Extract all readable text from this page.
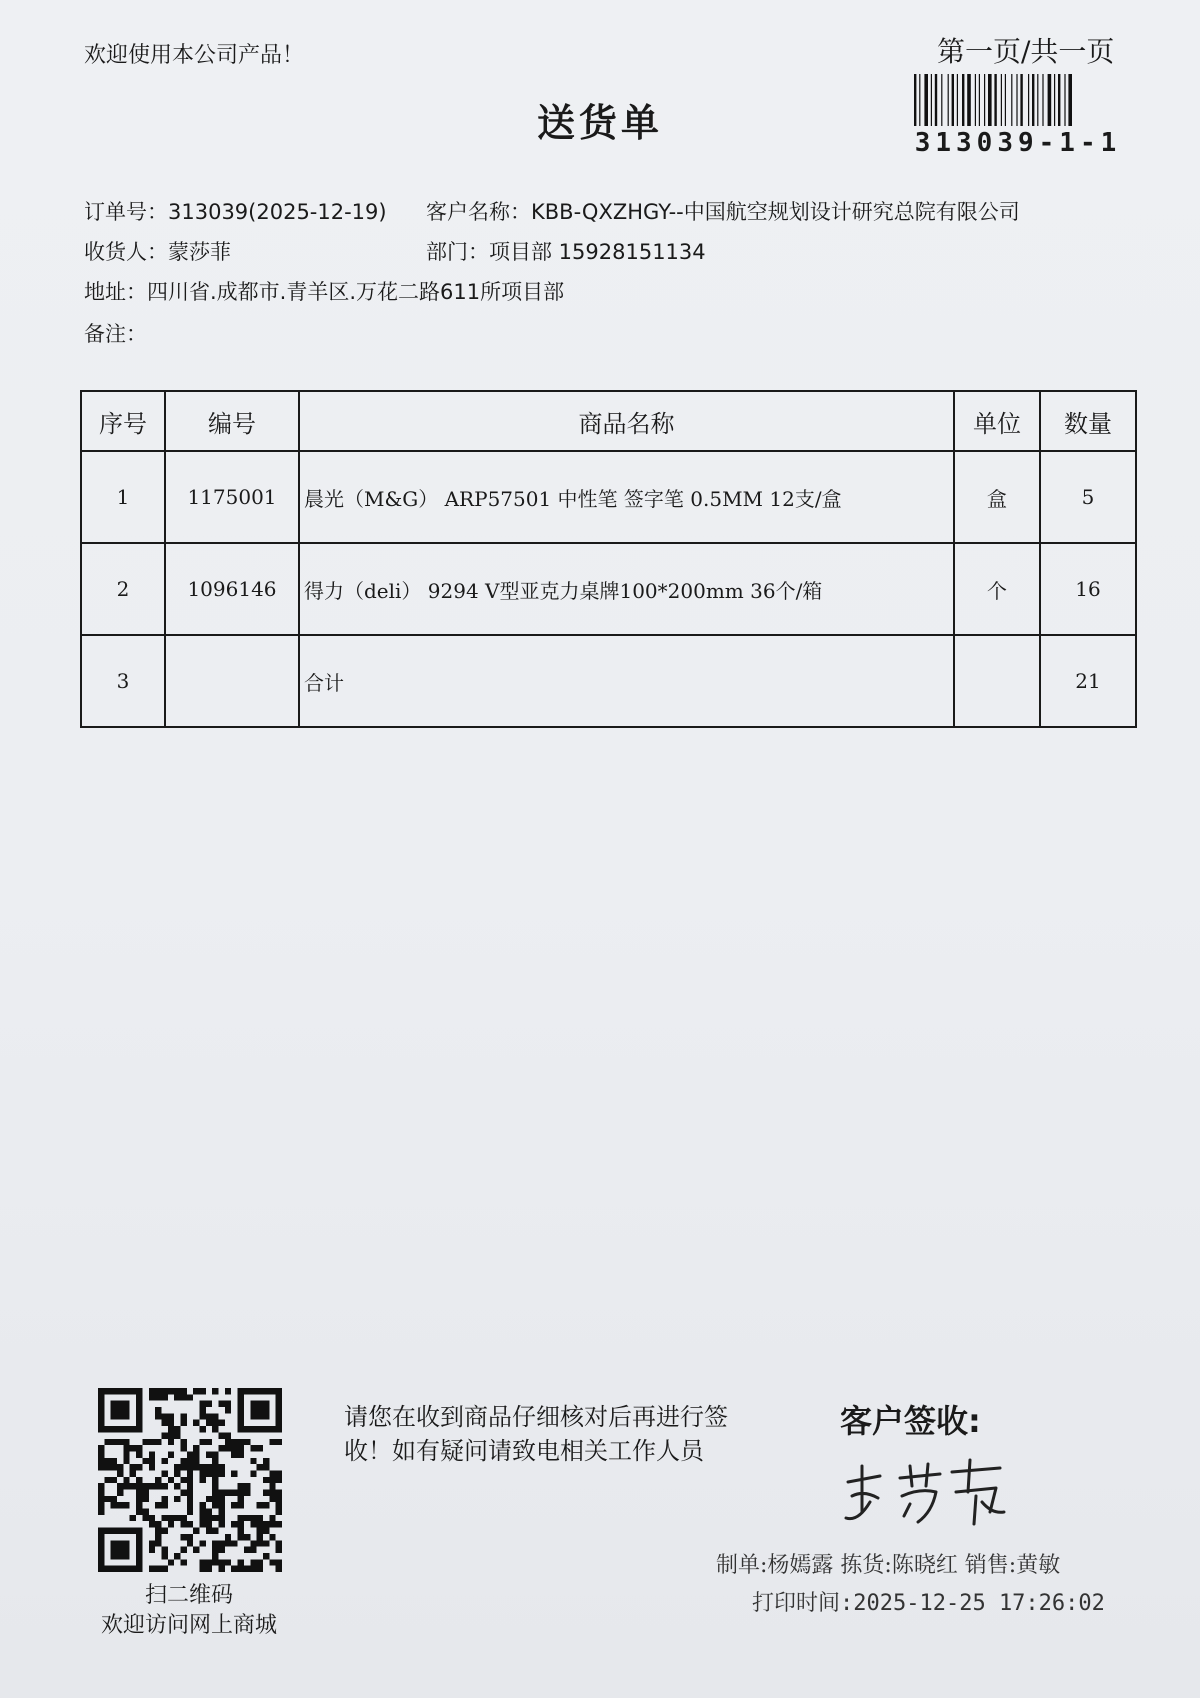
欢迎使用本公司产品！	第一页/共一页
313039-1-1
送货单
订单号：313039(2025-12-19) 客户名称：KBB-QXZHGY--中国航空规划设计研究总院有限公司
收货人：蒙莎菲	部门：项目部 15928151134
地址：四川省.成都市.青羊区.万花二路611所项目部
备注：
序号	编号	商品名称	单位	数量
1	1175001	晨光（M&G） ARP57501 中性笔 签字笔 0.5MM 12支/盒	盒	5
2	1096146	得力（deli） 9294 V型亚克力桌牌100*200mm 36个/箱	个	16
3		合计		21
扫二维码
欢迎访问网上商城
请您在收到商品仔细核对后再进行签收！如有疑问请致电相关工作人员
客户签收:
制单:杨嫣露 拣货:陈晓红 销售:黄敏
打印时间:2025-12-25 17:26:02
